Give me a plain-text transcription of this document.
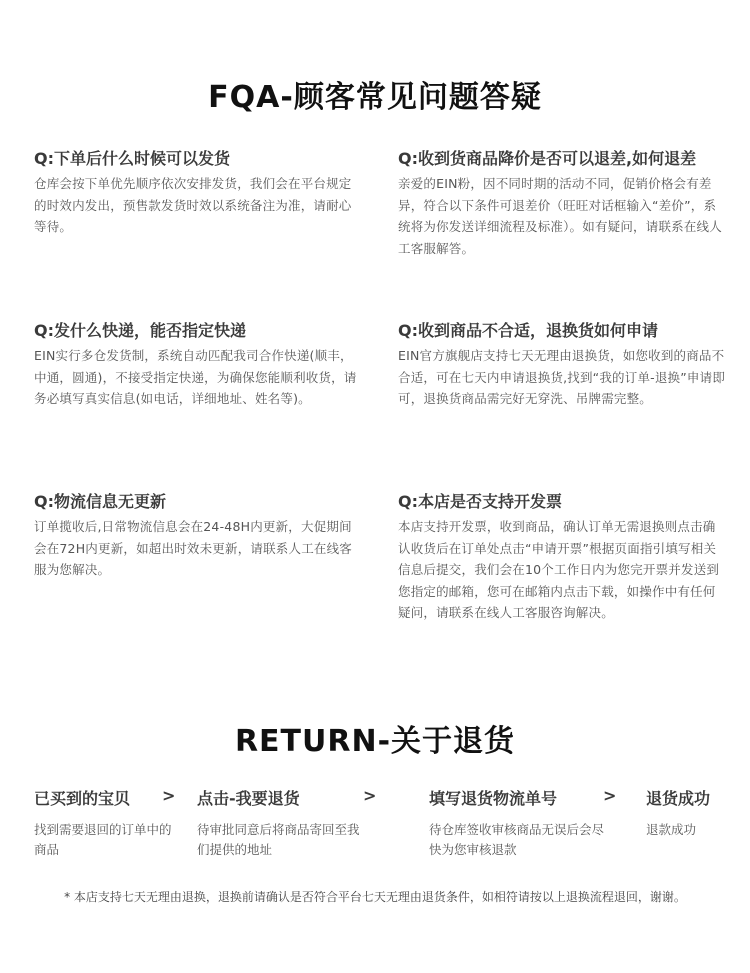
FQA-顾客常见问题答疑
Q:下单后什么时候可以发货
仓库会按下单优先顺序依次安排发货，我们会在平台规定的时效内发出，预售款发货时效以系统备注为准，请耐心等待。
Q:收到货商品降价是否可以退差,如何退差
亲爱的EIN粉，因不同时期的活动不同，促销价格会有差异，符合以下条件可退差价（旺旺对话框输入“差价”，系统将为你发送详细流程及标准）。如有疑问，请联系在线人工客服解答。
Q:发什么快递，能否指定快递
EIN实行多仓发货制，系统自动匹配我司合作快递(顺丰，中通，圆通)，不接受指定快递，为确保您能顺利收货，请务必填写真实信息(如电话，详细地址、姓名等)。
Q:收到商品不合适，退换货如何申请
EIN官方旗舰店支持七天无理由退换货，如您收到的商品不合适，可在七天内申请退换货,找到“我的订单-退换”申请即可，退换货商品需完好无穿洗、吊牌需完整。
Q:物流信息无更新
订单揽收后,日常物流信息会在24-48H内更新，大促期间会在72H内更新，如超出时效未更新，请联系人工在线客服为您解决。
Q:本店是否支持开发票
本店支持开发票，收到商品，确认订单无需退换则点击确认收货后在订单处点击“申请开票”根据页面指引填写相关信息后提交，我们会在10个工作日内为您完开票并发送到您指定的邮箱，您可在邮箱内点击下载，如操作中有任何疑问，请联系在线人工客服咨询解决。
RETURN-关于退货
已买到的宝贝
找到需要退回的订单中的商品
> 点击-我要退货
待审批同意后将商品寄回至我们提供的地址
>	填写退货物流单号
待仓库签收审核商品无误后会尽快为您审核退款
> 退货成功
退款成功
* 本店支持七天无理由退换，退换前请确认是否符合平台七天无理由退货条件，如相符请按以上退换流程退回，谢谢。
